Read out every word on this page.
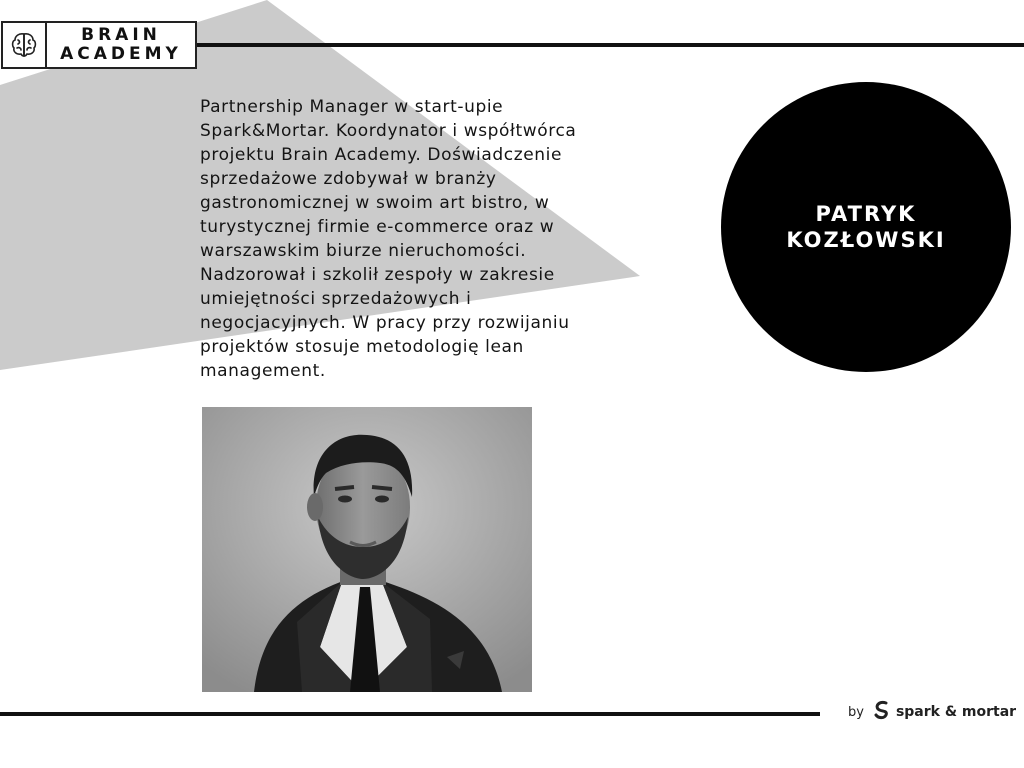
BRAIN
ACADEMY

Partnership Manager w start-upie
Spark&Mortar. Koordynator i współtwórca
projektu Brain Academy. Doświadczenie
sprzedażowe zdobywał w branży
gastronomicznej w swoim art bistro, w
turystycznej firmie e-commerce oraz w
warszawskim biurze nieruchomości.
Nadzorował i szkolił zespoły w zakresie
umiejętności sprzedażowych i
negocjacyjnych. W pracy przy rozwijaniu
projektów stosuje metodologię lean
management.

PATRYK
KOZŁOWSKI
by spark & mortar
